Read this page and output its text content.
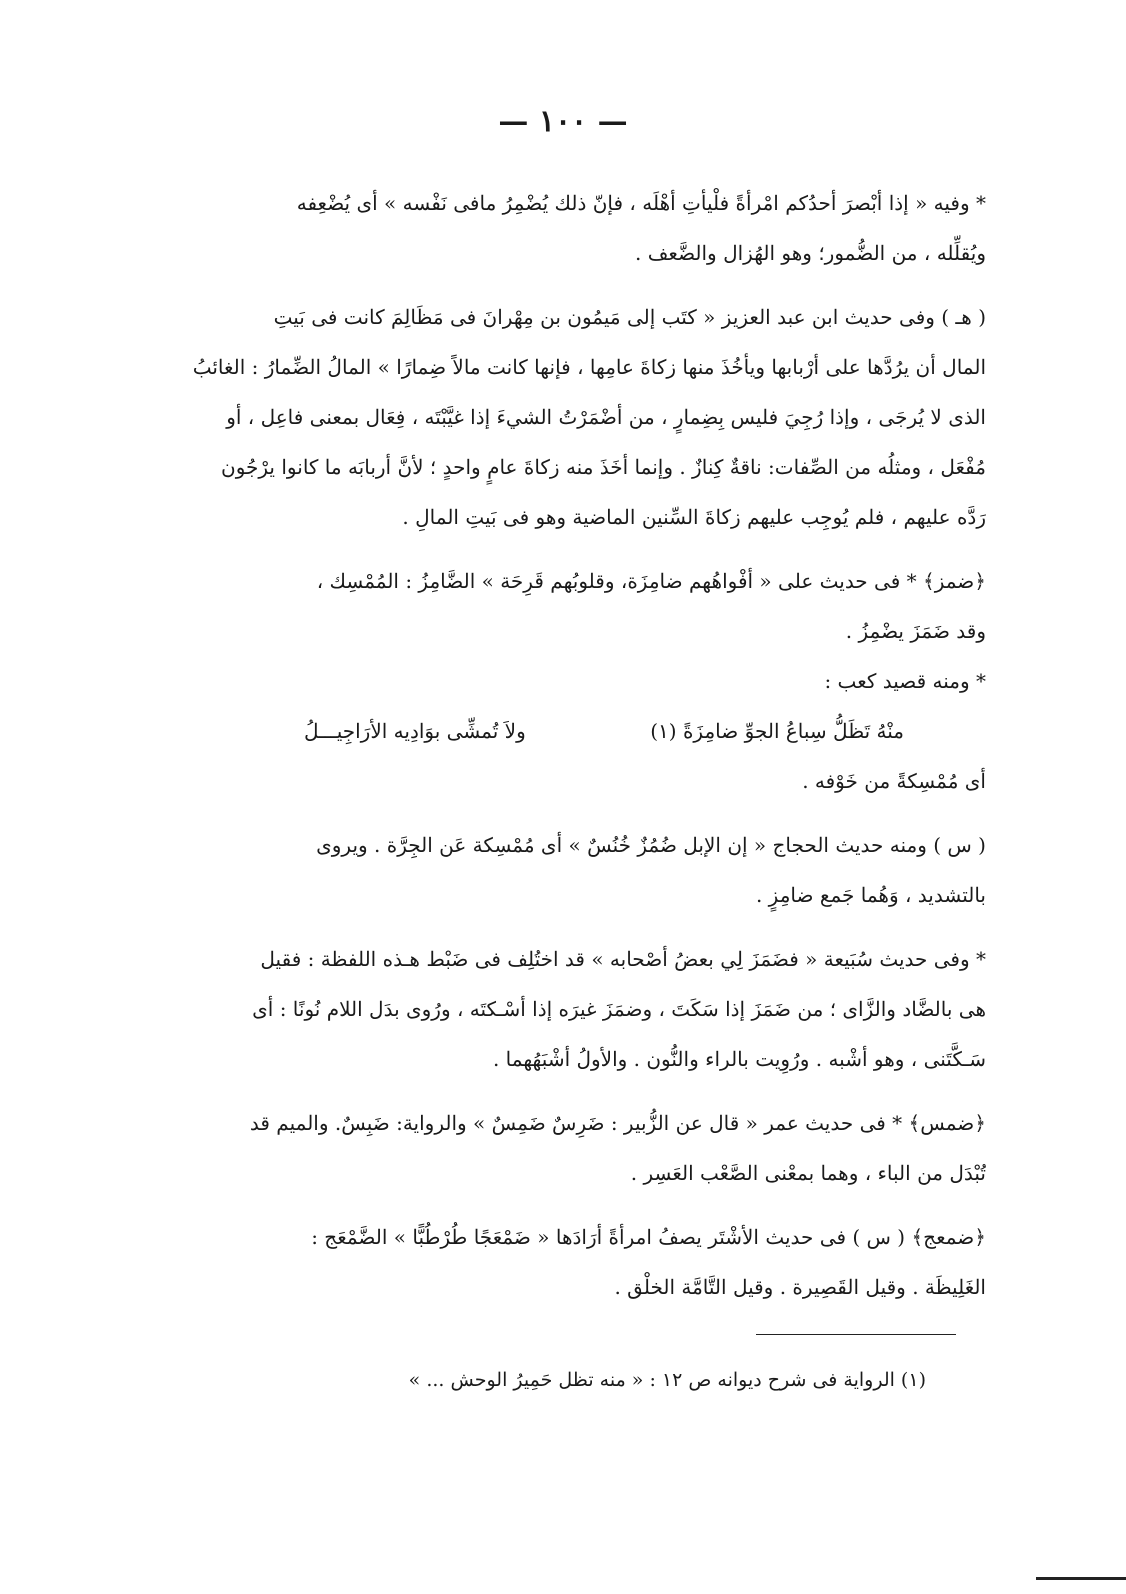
— ١٠٠ —
* وفيه « إذا أبْصرَ أحدُكم امْرأةً فلْيأتِ أهْلَه ، فإنّ ذلك يُضْمِرُ مافى نَفْسه » أى يُضْعِفه
ويُقلِّله ، من الضُّمور؛ وهو الهُزال والضَّعف .
( هـ ) وفى حديث ابن عبد العزيز « كتَب إلى مَيمُون بن مِهْرانَ فى مَظَالِمَ كانت فى بَيتِ
المال أن يرُدَّها على أرْبابها ويأخُذَ منها زكاةَ عامِها ، فإنها كانت مالاً ضِمارًا » المالُ الضِّمارُ : الغائبُ
الذى لا يُرجَى ، وإذا رُجِيَ فليس بِضِمارٍ ، من أضْمَرْتُ الشيءَ إذا غيَّبْتَه ، فِعَال بمعنى فاعِل ، أو
مُفْعَل ، ومثلُه من الصِّفات: ناقةٌ كِنازٌ . وإنما أخَذَ منه زكاةَ عامٍ واحدٍ ؛ لأنَّ أربابَه ما كانوا يرْجُون
رَدَّه عليهم ، فلم يُوجِب عليهم زكاةَ السِّنين الماضية وهو فى بَيتِ المالِ .
﴿ضمز﴾ * فى حديث على « أفْواهُهم ضامِزَة، وقلوبُهم قَرِحَة » الضَّامِزُ : المُمْسِك ،
وقد ضَمَزَ يضْمِزُ .
* ومنه قصيد كعب :
منْهُ تَظَلُّ سِباعُ الجوِّ ضامِزَةً (١)
ولاَ تُمشِّى بوَادِيه الأرَاجِيـــلُ
أى مُمْسِكةً من خَوْفه .
( س ) ومنه حديث الحجاج « إن الإبل ضُمُزٌ خُنُسٌ » أى مُمْسِكة عَن الجِرَّة . ويروى
بالتشديد ، وَهُما جَمع ضامِزٍ .
* وفى حديث سُبَيعة « فضَمَزَ لِي بعضُ أصْحابه » قد اختُلِف فى ضَبْط هـذه اللفظة : فقيل
هى بالضَّاد والزَّاى ؛ من ضَمَزَ إذا سَكَتَ ، وضمَزَ غيرَه إذا أسْـكتَه ، ورُوى بدَل اللام نُونًا : أى
سَـكَّتَنى ، وهو أشْبه . ورُوِيت بالراء والنُّون . والأولُ أشْبَهُهما .
﴿ضمس﴾ * فى حديث عمر « قال عن الزُّبير : ضَرِسٌ ضَمِسٌ » والرواية: ضَبِسٌ. والميم قد
تُبْدَل من الباء ، وهما بمعْنى الصَّعْب العَسِر .
﴿ضمعج﴾ ( س ) فى حديث الأشْتَر يصفُ امرأةً أرَادَها « ضَمْعَجًا طُرْطُبًّا » الضَّمْعَج :
الغَلِيظَة . وقيل القَصِيرة . وقيل التَّامَّة الخلْق .
(١) الرواية فى شرح ديوانه ص ١٢ : « منه تظل حَمِيرُ الوحش ... »
